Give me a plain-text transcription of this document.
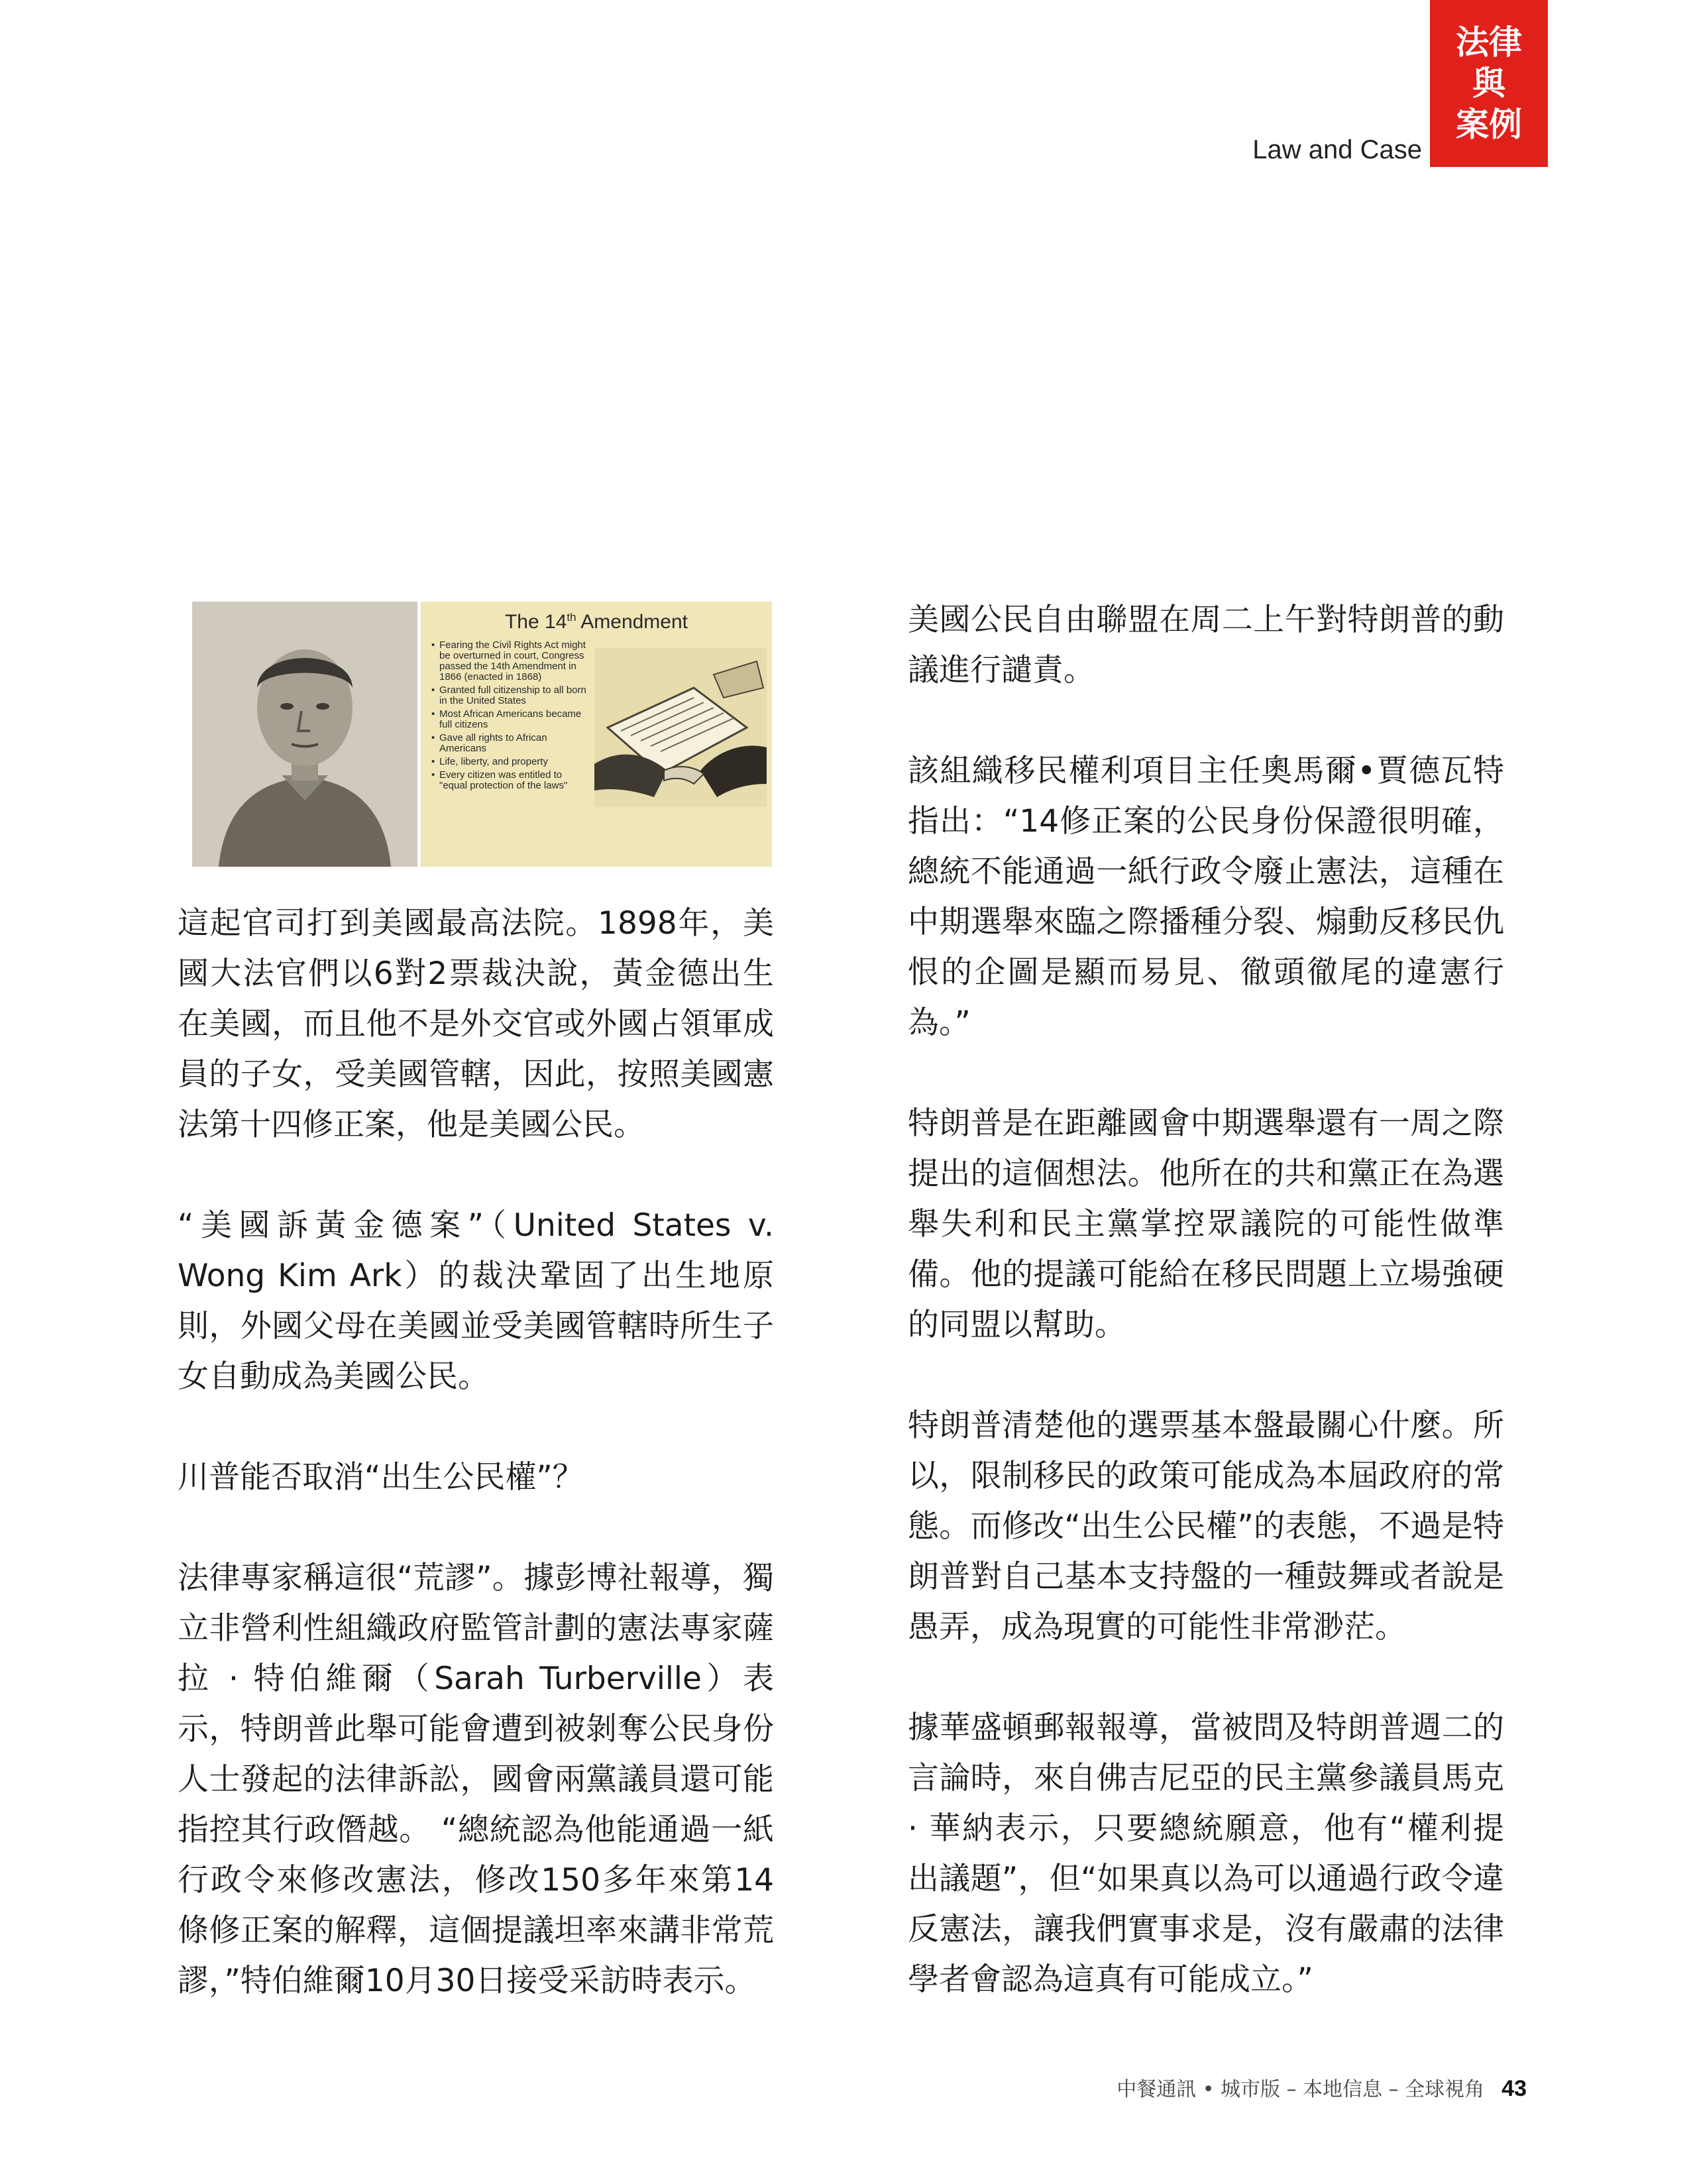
法律
與
案例
Law and Case
The 14th Amendment
• Fearing the Civil Rights Act might be overturned in court, Congress passed the 14th Amendment in 1866 (enacted in 1868)
• Granted full citizenship to all born in the United States
• Most African Americans became full citizens
• Gave all rights to African Americans
• Life, liberty, and property
• Every citizen was entitled to "equal protection of the laws"

這起官司打到美國最高法院。1898年，美國大法官們以6對2票裁決說，黃金德出生在美國，而且他不是外交官或外國占領軍成員的子女，受美國管轄，因此，按照美國憲法第十四修正案，他是美國公民。

“美國訴黃金德案”（United States v. Wong Kim Ark）的裁決鞏固了出生地原則，外國父母在美國並受美國管轄時所生子女自動成為美國公民。

川普能否取消“出生公民權”？

法律專家稱這很“荒謬”。據彭博社報導，獨立非營利性組織政府監管計劃的憲法專家薩拉 · 特伯維爾（Sarah Turberville）表示，特朗普此舉可能會遭到被剝奪公民身份人士發起的法律訴訟，國會兩黨議員還可能指控其行政僭越。 “總統認為他能通過一紙行政令來修改憲法，修改150多年來第14條修正案的解釋，這個提議坦率來講非常荒謬，”特伯維爾10月30日接受采訪時表示。

美國公民自由聯盟在周二上午對特朗普的動議進行譴責。

該組織移民權利項目主任奧馬爾•賈德瓦特指出：“14修正案的公民身份保證很明確，總統不能通過一紙行政令廢止憲法，這種在中期選舉來臨之際播種分裂、煽動反移民仇恨的企圖是顯而易見、徹頭徹尾的違憲行為。”

特朗普是在距離國會中期選舉還有一周之際提出的這個想法。他所在的共和黨正在為選舉失利和民主黨掌控眾議院的可能性做準備。他的提議可能給在移民問題上立場強硬的同盟以幫助。

特朗普清楚他的選票基本盤最關心什麼。所以，限制移民的政策可能成為本屆政府的常態。而修改“出生公民權”的表態，不過是特朗普對自己基本支持盤的一種鼓舞或者說是愚弄，成為現實的可能性非常渺茫。

據華盛頓郵報報導，當被問及特朗普週二的言論時，來自佛吉尼亞的民主黨參議員馬克 · 華納表示，只要總統願意，他有“權利提出議題”，但“如果真以為可以通過行政令違反憲法，讓我們實事求是，沒有嚴肅的法律學者會認為這真有可能成立。”

中餐通訊 • 城市版 – 本地信息 – 全球視角 43
